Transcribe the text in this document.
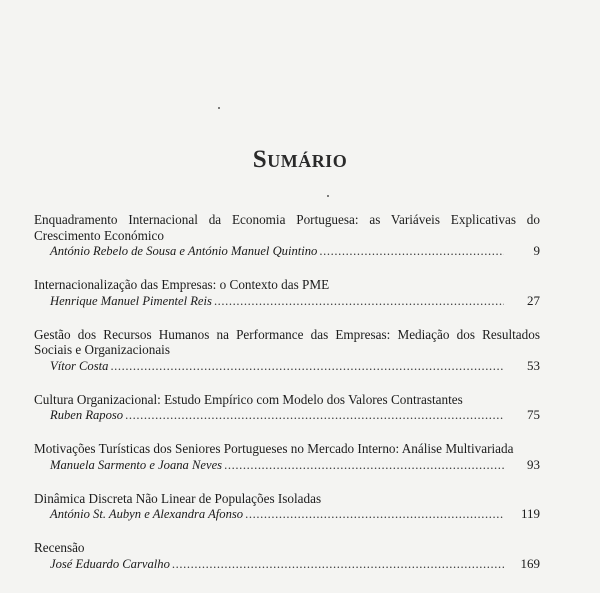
Sumário
Enquadramento Internacional da Economia Portuguesa: as Variáveis Explicativas do Crescimento Económico
António Rebelo de Sousa e António Manuel Quintino .....	9
Internacionalização das Empresas: o Contexto das PME
Henrique Manuel Pimentel Reis .....	27
Gestão dos Recursos Humanos na Performance das Empresas: Mediação dos Resultados Sociais e Organizacionais
Vítor Costa .....	53
Cultura Organizacional: Estudo Empírico com Modelo dos Valores Contrastantes
Ruben Raposo .....	75
Motivações Turísticas dos Seniores Portugueses no Mercado Interno: Análise Multivariada
Manuela Sarmento e Joana Neves .....	93
Dinâmica Discreta Não Linear de Populações Isoladas
António St. Aubyn e Alexandra Afonso .....	119
Recensão
José Eduardo Carvalho .....	169
